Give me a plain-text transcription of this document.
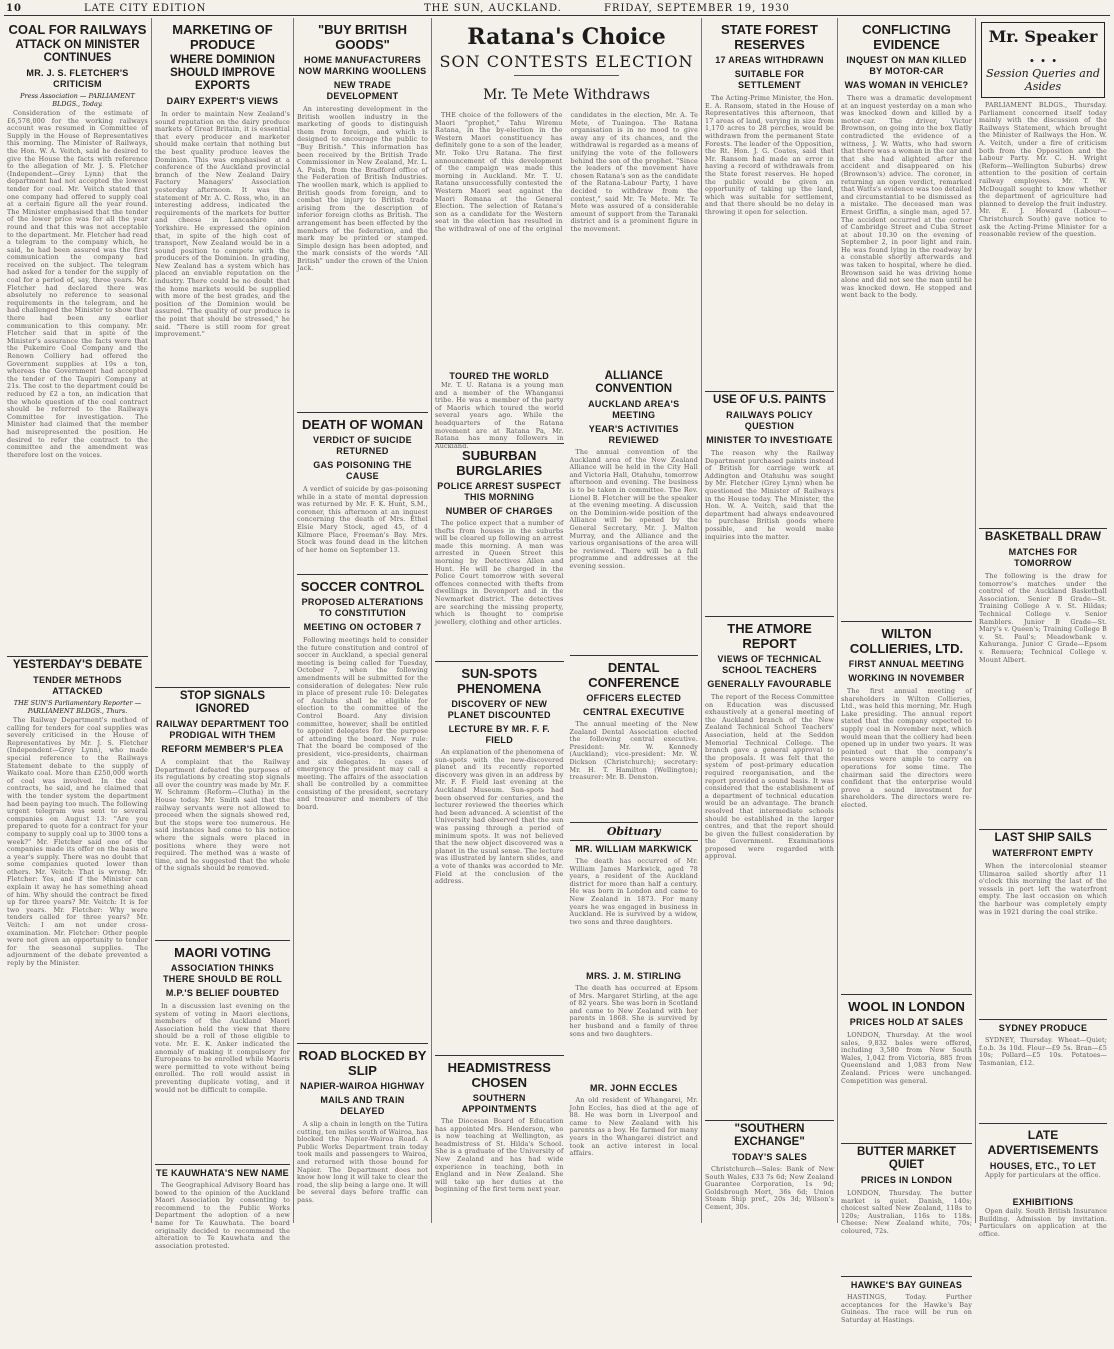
10	LATE CITY EDITION	THE SUN, AUCKLAND.	FRIDAY, SEPTEMBER 19, 1930
COAL FOR RAILWAYS
ATTACK ON MINISTER CONTINUES
MR. J. S. FLETCHER'S CRITICISM
Press Association — PARLIAMENT BLDGS., Today.
Consideration of the estimate of £6,578,000 for the working railways account was resumed in Committee of Supply in the House of Representatives this morning. The Minister of Railways, the Hon. W. A. Veitch, said he desired to give the House the facts with reference to the allegation of Mr. J. S. Fletcher (Independent—Grey Lynn) that the department had not accepted the lowest tender for coal. Mr. Veitch stated that one company had offered to supply coal at a certain figure all the year round. The Minister emphasised that the tender of the lower price was for all the year round and that this was not acceptable to the department. Mr. Fletcher had read a telegram to the company which, he said, he had been assured was the first communication the company had received on the subject. The telegram had asked for a tender for the supply of coal for a period of, say, three years. Mr. Fletcher had declared there was absolutely no reference to seasonal requirements in the telegram, and he had challenged the Minister to show that there had been any earlier communication to this company. Mr. Fletcher said that in spite of the Minister's assurance the facts were that the Pukemiro Coal Company and the Renown Colliery had offered the Government supplies at 19s a ton, whereas the Government had accepted the tender of the Taupiri Company at 21s. The cost to the department could be reduced by £2 a ton, an indication that the whole question of the coal contract should be referred to the Railways Committee for investigation. The Minister had claimed that the member had misrepresented the position. He desired to refer the contract to the committee and the amendment was therefore lost on the voices.
YESTERDAY'S DEBATE
TENDER METHODS ATTACKED
THE SUN'S Parliamentary Reporter — PARLIAMENT BLDGS., Thurs.
The Railway Department's method of calling for tenders for coal supplies was severely criticised in the House of Representatives by Mr. J. S. Fletcher (Independent—Grey Lynn), who made special reference to the Railways Statement debate to the supply of Waikato coal. More than £250,000 worth of coal was involved. In the coal contracts, he said, and he claimed that with the tender system the department had been paying too much. The following urgent telegram was sent to several companies on August 13: "Are you prepared to quote for a contract for your company to supply coal up to 3000 tons a week?" Mr. Fletcher said one of the companies made its offer on the basis of a year's supply. There was no doubt that some companies quoted lower than others. Mr. Veitch: That is wrong. Mr. Fletcher: Yes, and if the Minister can explain it away he has something ahead of him. Why should the contract be fixed up for three years? Mr. Veitch: It is for two years. Mr. Fletcher: Why were tenders called for three years? Mr. Veitch: I am not under cross-examination. Mr. Fletcher: Other people were not given an opportunity to tender for the seasonal supplies. The adjournment of the debate prevented a reply by the Minister.
MARKETING OF PRODUCE
WHERE DOMINION SHOULD IMPROVE EXPORTS
DAIRY EXPERT'S VIEWS
In order to maintain New Zealand's sound reputation on the dairy produce markets of Great Britain, it is essential that every producer and marketer should make certain that nothing but the best quality produce leaves the Dominion. This was emphasised at a conference of the Auckland provincial branch of the New Zealand Dairy Factory Managers' Association yesterday afternoon. It was the statement of Mr. A. C. Ross, who, in an interesting address, indicated the requirements of the markets for butter and cheese in Lancashire and Yorkshire. He expressed the opinion that, in spite of the high cost of transport, New Zealand would be in a sound position to compete with the producers of the Dominion. In grading, New Zealand has a system which has placed an enviable reputation on the industry. There could be no doubt that the home markets would be supplied with more of the best grades, and the position of the Dominion would be assured. "The quality of our produce is the point that should be stressed," he said. "There is still room for great improvement."
STOP SIGNALS IGNORED
RAILWAY DEPARTMENT TOO PRODIGAL WITH THEM
REFORM MEMBER'S PLEA
A complaint that the Railway Department defeated the purposes of its regulations by creating stop signals all over the country was made by Mr. F. W. Schramm (Reform—Clutha) in the House today. Mr. Smith said that the railway servants were not allowed to proceed when the signals showed red, but the stops were too numerous. He said instances had come to his notice where the signals were placed in positions where they were not required. The method was a waste of time, and he suggested that the whole of the signals should be removed.
MAORI VOTING
ASSOCIATION THINKS THERE SHOULD BE ROLL
M.P.'S BELIEF DOUBTED
In a discussion last evening on the system of voting in Maori elections, members of the Auckland Maori Association held the view that there should be a roll of those eligible to vote. Mr. E. K. Anker indicated the anomaly of making it compulsory for Europeans to be enrolled while Maoris were permitted to vote without being enrolled. The roll would assist in preventing duplicate voting, and it would not be difficult to compile.
TE KAUWHATA'S NEW NAME
The Geographical Advisory Board has bowed to the opinion of the Auckland Maori Association by consenting to recommend to the Public Works Department the adoption of a new name for Te Kauwhata. The board originally decided to recommend the alteration to Te Kauwhata and the association protested.
"BUY BRITISH GOODS"
HOME MANUFACTURERS NOW MARKING WOOLLENS
NEW TRADE DEVELOPMENT
An interesting development in the British woollen industry in the marketing of goods to distinguish them from foreign, and which is designed to encourage the public to "Buy British." This information has been received by the British Trade Commissioner in New Zealand, Mr. L. A. Paish, from the Bradford office of the Federation of British Industries. The woollen mark, which is applied to British goods from foreign, and to combat the injury to British trade arising from the description of inferior foreign cloths as British. The arrangement has been effected by the members of the federation, and the mark may be printed or stamped. Simple design has been adopted, and the mark consists of the words "All British" under the crown of the Union Jack.
DEATH OF WOMAN
VERDICT OF SUICIDE RETURNED
GAS POISONING THE CAUSE
A verdict of suicide by gas-poisoning while in a state of mental depression was returned by Mr. F. K. Hunt, S.M., coroner, this afternoon at an inquest concerning the death of Mrs. Ethel Elsie Mary Stock, aged 45, of 4 Kilmore Place, Freeman's Bay. Mrs. Stock was found dead in the kitchen of her home on September 13.
SOCCER CONTROL
PROPOSED ALTERATIONS TO CONSTITUTION
MEETING ON OCTOBER 7
Following meetings held to consider the future constitution and control of soccer in Auckland, a special general meeting is being called for Tuesday, October 7, when the following amendments will be submitted for the consideration of delegates: New rule in place of present rule 10: Delegates of Auclubs shall be eligible for election to the committee of the Control Board. Any division committee, however, shall be entitled to appoint delegates for the purpose of attending the board. New rule: That the board be composed of the president, vice-presidents, chairman and six delegates. In cases of emergency the president may call a meeting. The affairs of the association shall be controlled by a committee consisting of the president, secretary and treasurer and members of the board.
ROAD BLOCKED BY SLIP
NAPIER-WAIROA HIGHWAY
MAILS AND TRAIN DELAYED
A slip a chain in length on the Tutira cutting, ten miles south of Wairoa, has blocked the Napier-Wairoa Road. A Public Works Department train today took mails and passengers to Wairoa, and returned with those bound for Napier. The Department does not know how long it will take to clear the road, the slip being a large one. It will be several days before traffic can pass.
Ratana's Choice
SON CONTESTS ELECTION
Mr. Te Mete Withdraws
THE choice of the followers of the Maori "prophet," Tahu Wiremu Ratana, in the by-election in the Western Maori constituency has definitely gone to a son of the leader, Mr. Toko Uru Ratana. The first announcement of this development of the campaign was made this morning in Auckland. Mr. T. U. Ratana unsuccessfully contested the Western Maori seat against the Maori Romana at the General Election. The selection of Ratana's son as a candidate for the Western seat in the election has resulted in the withdrawal of one of the original candidates in the election, Mr. A. Te Mete, of Tuaingoa. The Ratana organisation is in no mood to give away any of its chances, and the withdrawal is regarded as a means of unifying the vote of the followers behind the son of the prophet. "Since the leaders of the movement have chosen Ratana's son as the candidate of the Ratana-Labour Party, I have decided to withdraw from the contest," said Mr. Te Mete. Mr. Te Mete was assured of a considerable amount of support from the Taranaki district and is a prominent figure in the movement.
TOURED THE WORLD
Mr. T. U. Ratana is a young man and a member of the Whanganui tribe. He was a member of the party of Maoris which toured the world several years ago. While the headquarters of the Ratana movement are at Ratana Pa, Mr. Ratana has many followers in Auckland.
SUBURBAN BURGLARIES
POLICE ARREST SUSPECT THIS MORNING
NUMBER OF CHARGES
The police expect that a number of thefts from houses in the suburbs will be cleared up following an arrest made this morning. A man was arrested in Queen Street this morning by Detectives Allen and Hunt. He will be charged in the Police Court tomorrow with several offences connected with thefts from dwellings in Devonport and in the Newmarket district. The detectives are searching the missing property, which is thought to comprise jewellery, clothing and other articles.
SUN-SPOTS PHENOMENA
DISCOVERY OF NEW PLANET DISCOUNTED
LECTURE BY MR. F. F. FIELD
An explanation of the phenomena of sun-spots with the new-discovered planet and its recently reported discovery was given in an address by Mr. F. F. Field last evening at the Auckland Museum. Sun-spots had been observed for centuries, and the lecturer reviewed the theories which had been advanced. A scientist of the University had observed that the sun was passing through a period of minimum spots. It was not believed that the new object discovered was a planet in the usual sense. The lecture was illustrated by lantern slides, and a vote of thanks was accorded to Mr. Field at the conclusion of the address.
HEADMISTRESS CHOSEN
SOUTHERN APPOINTMENTS
The Diocesan Board of Education has appointed Mrs. Henderson, who is now teaching at Wellington, as headmistress of St. Hilda's School. She is a graduate of the University of New Zealand and has had wide experience in teaching, both in England and in New Zealand. She will take up her duties at the beginning of the first term next year.
ALLIANCE CONVENTION
AUCKLAND AREA'S MEETING
YEAR'S ACTIVITIES REVIEWED
The annual convention of the Auckland area of the New Zealand Alliance will be held in the City Hall and Victoria Hall, Otahuhu, tomorrow afternoon and evening. The business is to be taken in committee. The Rev. Lionel B. Fletcher will be the speaker at the evening meeting. A discussion on the Dominion-wide position of the Alliance will be opened by the General Secretary, Mr. J. Malton Murray, and the Alliance and the various organisations of the area will be reviewed. There will be a full programme and addresses at the evening session.
DENTAL CONFERENCE
OFFICERS ELECTED
CENTRAL EXECUTIVE
The annual meeting of the New Zealand Dental Association elected the following central executive. President: Mr. W. Kennedy (Auckland); vice-president: Mr. W. Dickson (Christchurch); secretary: Mr. H. T. Hamilton (Wellington); treasurer: Mr. B. Denston.
Obituary
MR. WILLIAM MARKWICK
The death has occurred of Mr. William James Markwick, aged 78 years, a resident of the Auckland district for more than half a century. He was born in London and came to New Zealand in 1873. For many years he was engaged in business in Auckland. He is survived by a widow, two sons and three daughters.
MRS. J. M. STIRLING
The death has occurred at Epsom of Mrs. Margaret Stirling, at the age of 82 years. She was born in Scotland and came to New Zealand with her parents in 1868. She is survived by her husband and a family of three sons and two daughters.
MR. JOHN ECCLES
An old resident of Whangarei, Mr. John Eccles, has died at the age of 88. He was born in Liverpool and came to New Zealand with his parents as a boy. He farmed for many years in the Whangarei district and took an active interest in local affairs.
STATE FOREST RESERVES
17 AREAS WITHDRAWN
SUITABLE FOR SETTLEMENT
The Acting-Prime Minister, the Hon. E. A. Ransom, stated in the House of Representatives this afternoon, that 17 areas of land, varying in size from 1,170 acres to 28 perches, would be withdrawn from the permanent State Forests. The leader of the Opposition, the Rt. Hon. J. G. Coates, said that Mr. Ransom had made an error in having a record of withdrawals from the State forest reserves. He hoped the public would be given an opportunity of taking up the land, which was suitable for settlement, and that there should be no delay in throwing it open for selection.
USE OF U.S. PAINTS
RAILWAYS POLICY QUESTION
MINISTER TO INVESTIGATE
The reason why the Railway Department purchased paints instead of British for carriage work at Addington and Otahuhu was sought by Mr. Fletcher (Grey Lynn) when he questioned the Minister of Railways in the House today. The Minister, the Hon. W. A. Veitch, said that the department had always endeavoured to purchase British goods where possible, and he would make inquiries into the matter.
THE ATMORE REPORT
VIEWS OF TECHNICAL SCHOOL TEACHERS
GENERALLY FAVOURABLE
The report of the Recess Committee on Education was discussed exhaustively at a general meeting of the Auckland branch of the New Zealand Technical School Teachers' Association, held at the Seddon Memorial Technical College. The branch gave a general approval to the proposals. It was felt that the system of post-primary education required reorganisation, and the report provided a sound basis. It was considered that the establishment of a department of technical education would be an advantage. The branch resolved that intermediate schools should be established in the larger centres, and that the report should be given the fullest consideration by the Government. Examinations proposed were regarded with approval.
"SOUTHERN EXCHANGE"
TODAY'S SALES
Christchurch—Sales: Bank of New South Wales, £33 7s 6d; New Zealand Guarantee Corporation, 1s 9d; Goldsbrough Mort, 36s 6d; Union Steam Ship pref., 20s 3d; Wilson's Cement, 30s.
CONFLICTING EVIDENCE
INQUEST ON MAN KILLED BY MOTOR-CAR
WAS WOMAN IN VEHICLE?
There was a dramatic development at an inquest yesterday on a man who was knocked down and killed by a motor-car. The driver, Victor Brownson, on going into the box flatly contradicted the evidence of a witness, J. W. Watts, who had sworn that there was a woman in the car and that she had alighted after the accident and disappeared on his (Brownson's) advice. The coroner, in returning an open verdict, remarked that Watts's evidence was too detailed and circumstantial to be dismissed as a mistake. The deceased man was Ernest Griffin, a single man, aged 57. The accident occurred at the corner of Cambridge Street and Cuba Street at about 10.30 on the evening of September 2, in poor light and rain. He was found lying in the roadway by a constable shortly afterwards and was taken to hospital, where he died. Brownson said he was driving home alone and did not see the man until he was knocked down. He stopped and went back to the body.
WILTON COLLIERIES, LTD.
FIRST ANNUAL MEETING
WORKING IN NOVEMBER
The first annual meeting of shareholders in Wilton Collieries, Ltd., was held this morning, Mr. Hugh Lake presiding. The annual report stated that the company expected to supply coal in November next, which would mean that the colliery had been opened up in under two years. It was pointed out that the company's resources were ample to carry on operations for some time. The chairman said the directors were confident that the enterprise would prove a sound investment for shareholders. The directors were re-elected.
WOOL IN LONDON
PRICES HOLD AT SALES
LONDON, Thursday. At the wool sales, 9,832 bales were offered, including 3,580 from New South Wales, 1,042 from Victoria, 885 from Queensland and 1,083 from New Zealand. Prices were unchanged. Competition was general.
BUTTER MARKET QUIET
PRICES IN LONDON
LONDON, Thursday. The butter market is quiet. Danish, 140s; choicest salted New Zealand, 118s to 120s; Australian, 116s to 118s. Cheese: New Zealand white, 70s; coloured, 72s.
HAWKE'S BAY GUINEAS
HASTINGS, Today. Further acceptances for the Hawke's Bay Guineas. The race will be run on Saturday at Hastings.
Mr. Speaker . . .
Session Queries and Asides
PARLIAMENT BLDGS., Thursday. Parliament concerned itself today mainly with the discussion of the Railways Statement, which brought the Minister of Railways the Hon. W. A. Veitch, under a fire of criticism both from the Opposition and the Labour Party. Mr. C. H. Wright (Reform—Wellington Suburbs) drew attention to the position of certain railway employees. Mr. T. W. McDougall sought to know whether the department of agriculture had planned to develop the fruit industry. Mr. E. J. Howard (Labour—Christchurch South) gave notice to ask the Acting-Prime Minister for a reasonable review of the question.
BASKETBALL DRAW
MATCHES FOR TOMORROW
The following is the draw for tomorrow's matches under the control of the Auckland Basketball Association. Senior B Grade—St. Training College A v. St. Hildas; Technical College v. Senior Ramblers. Junior B Grade—St. Mary's v. Queen's; Training College B v. St. Paul's; Meadowbank v. Kahuranga. Junior C Grade—Epsom v. Remuera; Technical College v. Mount Albert.
LAST SHIP SAILS
WATERFRONT EMPTY
When the intercolonial steamer Ulimaroa sailed shortly after 11 o'clock this morning the last of the vessels in port left the waterfront empty. The last occasion on which the harbour was completely empty was in 1921 during the coal strike.
SYDNEY PRODUCE
SYDNEY, Thursday. Wheat—Quiet; f.o.b. 3s 10d. Flour—£9 5s. Bran—£5 10s; Pollard—£5 10s. Potatoes—Tasmanian, £12.
LATE ADVERTISEMENTS
HOUSES, ETC., TO LET
Apply for particulars at the office.
EXHIBITIONS
Open daily. South British Insurance Building. Admission by invitation. Particulars on application at the office.
